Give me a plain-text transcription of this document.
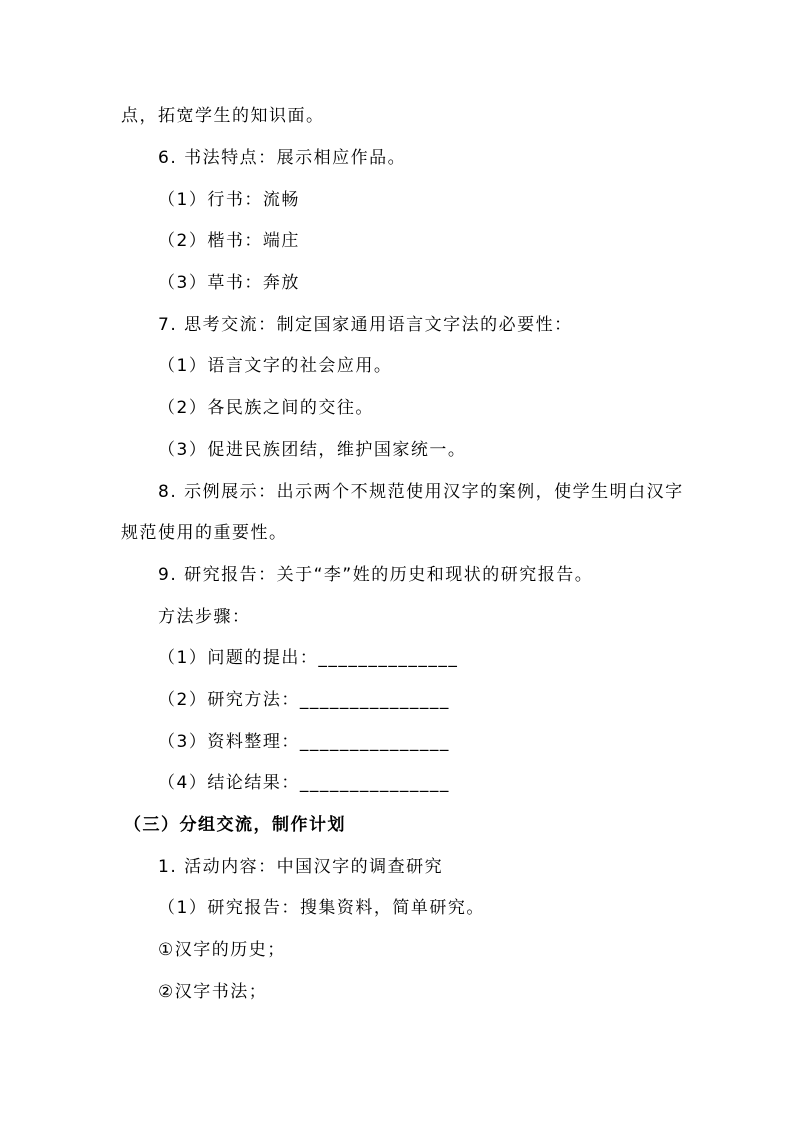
点，拓宽学生的知识面。
6. 书法特点：展示相应作品。
（1）行书：流畅
（2）楷书：端庄
（3）草书：奔放
7. 思考交流：制定国家通用语言文字法的必要性：
（1）语言文字的社会应用。
（2）各民族之间的交往。
（3）促进民族团结，维护国家统一。
8. 示例展示：出示两个不规范使用汉字的案例，使学生明白汉字
规范使用的重要性。
9. 研究报告：关于“李”姓的历史和现状的研究报告。
方法步骤：
（1）问题的提出：______________
（2）研究方法：_______________
（3）资料整理：_______________
（4）结论结果：_______________
（三）分组交流，制作计划
1. 活动内容：中国汉字的调查研究
（1）研究报告：搜集资料，简单研究。
①汉字的历史；
②汉字书法；
